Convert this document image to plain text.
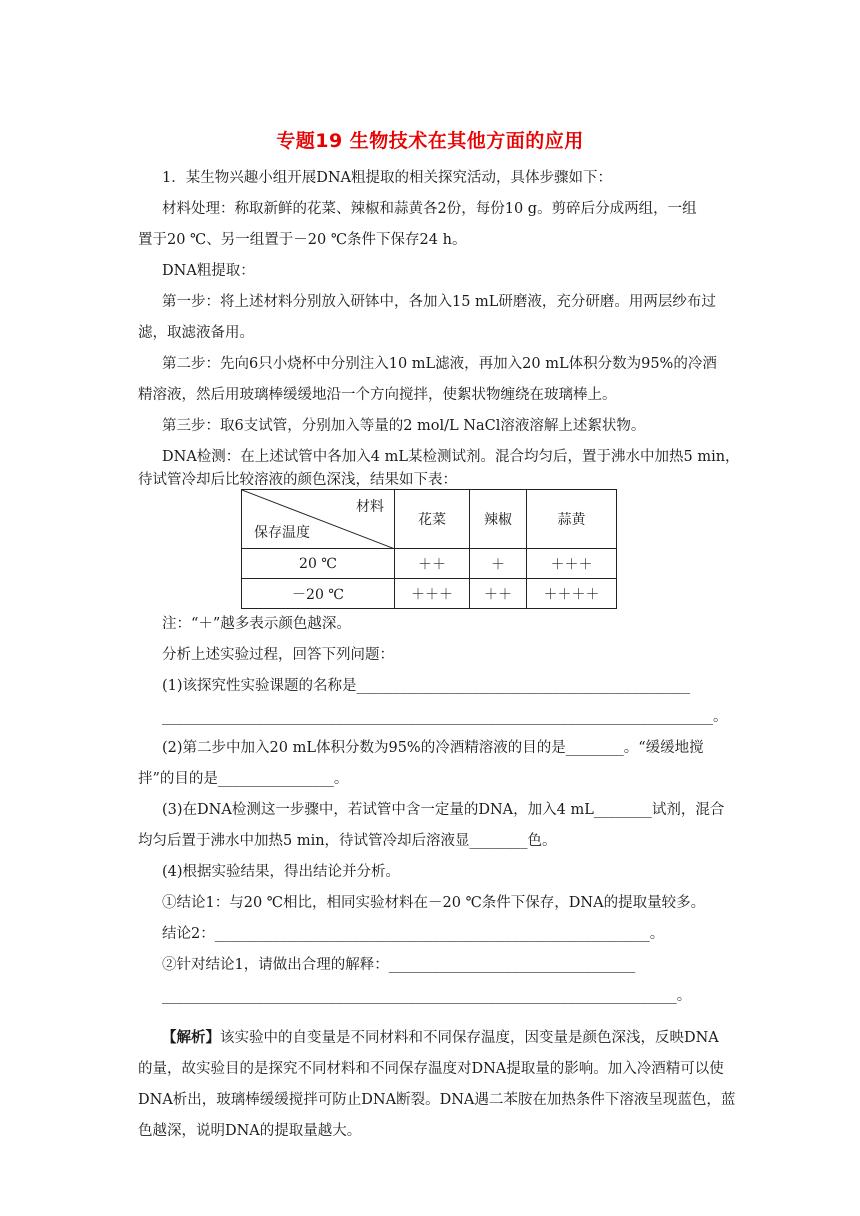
专题19 生物技术在其他方面的应用
1．某生物兴趣小组开展DNA粗提取的相关探究活动，具体步骤如下：
材料处理：称取新鲜的花菜、辣椒和蒜黄各2份，每份10 g。剪碎后分成两组，一组
置于20 ℃、另一组置于－20 ℃条件下保存24 h。
DNA粗提取：
第一步：将上述材料分别放入研钵中，各加入15 mL研磨液，充分研磨。用两层纱布过
滤，取滤液备用。
第二步：先向6只小烧杯中分别注入10 mL滤液，再加入20 mL体积分数为95%的冷酒
精溶液，然后用玻璃棒缓缓地沿一个方向搅拌，使絮状物缠绕在玻璃棒上。
第三步：取6支试管，分别加入等量的2 mol/L NaCl溶液溶解上述絮状物。
DNA检测：在上述试管中各加入4 mL某检测试剂。混合均匀后，置于沸水中加热5 min，
待试管冷却后比较溶液的颜色深浅，结果如下表：
材料
保存温度	花菜	辣椒	蒜黄
20 ℃	＋＋	＋	＋＋＋
－20 ℃	＋＋＋	＋＋	＋＋＋＋
注：“＋”越多表示颜色越深。
分析上述实验过程，回答下列问题：
(1)该探究性实验课题的名称是______________________________________________
____________________________________________________________________________。
(2)第二步中加入20 mL体积分数为95%的冷酒精溶液的目的是________。“缓缓地搅
拌”的目的是________________。
(3)在DNA检测这一步骤中，若试管中含一定量的DNA，加入4 mL________试剂，混合
均匀后置于沸水中加热5 min，待试管冷却后溶液显________色。
(4)根据实验结果，得出结论并分析。
①结论1：与20 ℃相比，相同实验材料在－20 ℃条件下保存，DNA的提取量较多。
结论2：____________________________________________________________。
②针对结论1，请做出合理的解释：__________________________________
_______________________________________________________________________。
【解析】该实验中的自变量是不同材料和不同保存温度，因变量是颜色深浅，反映DNA
的量，故实验目的是探究不同材料和不同保存温度对DNA提取量的影响。加入冷酒精可以使
DNA析出，玻璃棒缓缓搅拌可防止DNA断裂。DNA遇二苯胺在加热条件下溶液呈现蓝色，蓝
色越深，说明DNA的提取量越大。
